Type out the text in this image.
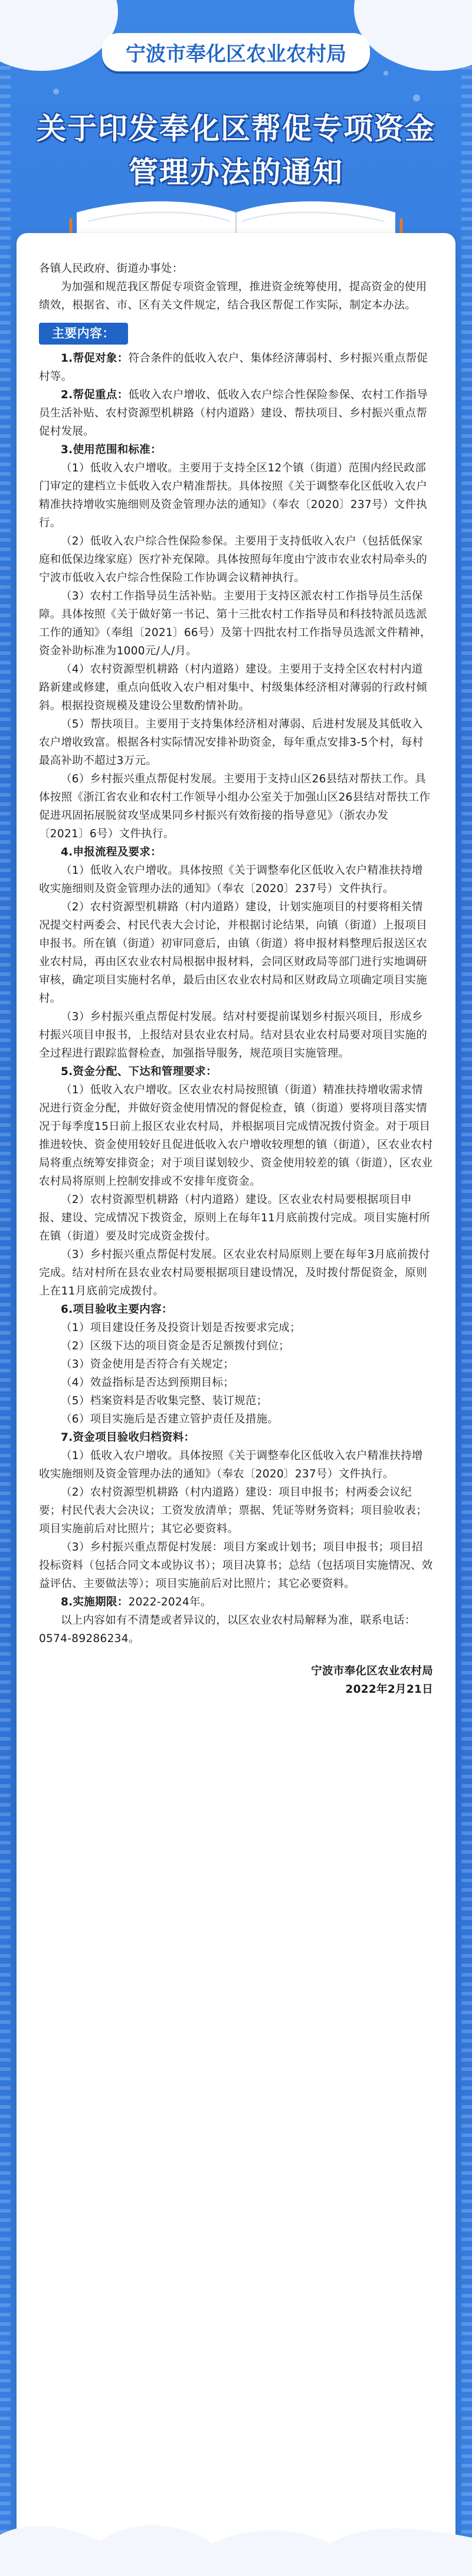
宁波市奉化区农业农村局
关于印发奉化区帮促专项资金
管理办法的通知

各镇人民政府、街道办事处：

为加强和规范我区帮促专项资金管理，推进资金统筹使用，提高资金的使用绩效，根据省、市、区有关文件规定，结合我区帮促工作实际，制定本办法。

主要内容：

1.帮促对象：符合条件的低收入农户、集体经济薄弱村、乡村振兴重点帮促村等。

2.帮促重点：低收入农户增收、低收入农户综合性保险参保、农村工作指导员生活补贴、农村资源型机耕路（村内道路）建设、帮扶项目、乡村振兴重点帮促村发展。

3.使用范围和标准：

（1）低收入农户增收。主要用于支持全区12个镇（街道）范围内经民政部门审定的建档立卡低收入农户精准帮扶。具体按照《关于调整奉化区低收入农户精准扶持增收实施细则及资金管理办法的通知》（奉农〔2020〕237号）文件执行。

（2）低收入农户综合性保险参保。主要用于支持低收入农户（包括低保家庭和低保边缘家庭）医疗补充保障。具体按照每年度由宁波市农业农村局牵头的宁波市低收入农户综合性保险工作协调会议精神执行。

（3）农村工作指导员生活补贴。主要用于支持区派农村工作指导员生活保障。具体按照《关于做好第一书记、第十三批农村工作指导员和科技特派员选派工作的通知》（奉组〔2021〕66号）及第十四批农村工作指导员选派文件精神，资金补助标准为1000元/人/月。

（4）农村资源型机耕路（村内道路）建设。主要用于支持全区农村村内道路新建或修建，重点向低收入农户相对集中、村级集体经济相对薄弱的行政村倾斜。根据投资规模及建设公里数酌情补助。

（5）帮扶项目。主要用于支持集体经济相对薄弱、后进村发展及其低收入农户增收致富。根据各村实际情况安排补助资金，每年重点安排3-5个村，每村最高补助不超过3万元。

（6）乡村振兴重点帮促村发展。主要用于支持山区26县结对帮扶工作。具体按照《浙江省农业和农村工作领导小组办公室关于加强山区26县结对帮扶工作 促进巩固拓展脱贫攻坚成果同乡村振兴有效衔接的指导意见》（浙农办发〔2021〕6号）文件执行。

4.申报流程及要求：

（1）低收入农户增收。具体按照《关于调整奉化区低收入农户精准扶持增收实施细则及资金管理办法的通知》（奉农〔2020〕237号）文件执行。

（2）农村资源型机耕路（村内道路）建设，计划实施项目的村要将相关情况提交村两委会、村民代表大会讨论，并根据讨论结果，向镇（街道）上报项目申报书。所在镇（街道）初审同意后，由镇（街道）将申报材料整理后报送区农业农村局，再由区农业农村局根据申报材料，会同区财政局等部门进行实地调研审核，确定项目实施村名单，最后由区农业农村局和区财政局立项确定项目实施村。

（3）乡村振兴重点帮促村发展。结对村要提前谋划乡村振兴项目，形成乡村振兴项目申报书，上报结对县农业农村局。结对县农业农村局要对项目实施的全过程进行跟踪监督检查，加强指导服务，规范项目实施管理。

5.资金分配、下达和管理要求：

（1）低收入农户增收。区农业农村局按照镇（街道）精准扶持增收需求情况进行资金分配，并做好资金使用情况的督促检查，镇（街道）要将项目落实情况于每季度15日前上报区农业农村局，并根据项目完成情况拨付资金。对于项目推进较快、资金使用较好且促进低收入农户增收较理想的镇（街道），区农业农村局将重点统筹安排资金；对于项目谋划较少、资金使用较差的镇（街道），区农业农村局将原则上控制安排或不安排年度资金。

（2）农村资源型机耕路（村内道路）建设。区农业农村局要根据项目申报、建设、完成情况下拨资金，原则上在每年11月底前拨付完成。项目实施村所在镇（街道）要及时完成资金拨付。

（3）乡村振兴重点帮促村发展。区农业农村局原则上要在每年3月底前拨付完成。结对村所在县农业农村局要根据项目建设情况，及时拨付帮促资金，原则上在11月底前完成拨付。

6.项目验收主要内容：

（1）项目建设任务及投资计划是否按要求完成；

（2）区级下达的项目资金是否足额拨付到位；

（3）资金使用是否符合有关规定；

（4）效益指标是否达到预期目标；

（5）档案资料是否收集完整、装订规范；

（6）项目实施后是否建立管护责任及措施。

7.资金项目验收归档资料：

（1）低收入农户增收。具体按照《关于调整奉化区低收入农户精准扶持增收实施细则及资金管理办法的通知》（奉农〔2020〕237号）文件执行。

（2）农村资源型机耕路（村内道路）建设：项目申报书；村两委会议纪要；村民代表大会决议；工资发放清单；票据、凭证等财务资料；项目验收表；项目实施前后对比照片；其它必要资料。

（3）乡村振兴重点帮促村发展：项目方案或计划书；项目申报书；项目招投标资料（包括合同文本或协议书）；项目决算书；总结（包括项目实施情况、效益评估、主要做法等）；项目实施前后对比照片；其它必要资料。

8.实施期限：2022-2024年。

以上内容如有不清楚或者异议的，以区农业农村局解释为准，联系电话：0574-89286234。

宁波市奉化区农业农村局

2022年2月21日
